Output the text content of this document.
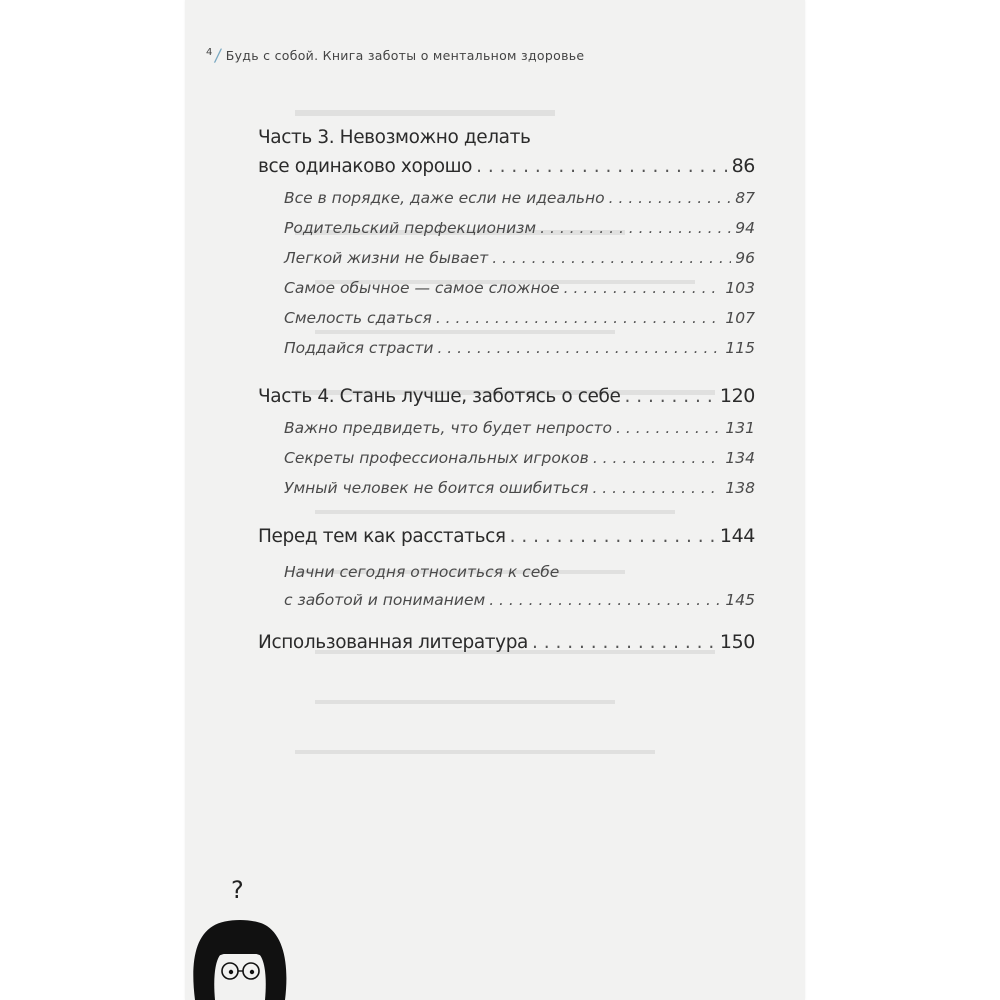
$^4$/ Будь с собой. Книга заботы о ментальном здоровье
Часть 3. Невозможно делать
все одинаково хорошо . . .	86
Все в порядке, даже если не идеально . . .	87
Родительский перфекционизм . . .	94
Легкой жизни не бывает . . .	96
Самое обычное — самое сложное . . .	103
Смелость сдаться . . .	107
Поддайся страсти . . .	115
Часть 4. Стань лучше, заботясь о себе . . .	120
Важно предвидеть, что будет непросто . . .	131
Секреты профессиональных игроков . . .	134
Умный человек не боится ошибиться . . .	138
Перед тем как расстаться . . .	144
Начни сегодня относиться к себе
с заботой и пониманием . . .	145
Использованная литература . . .	150
?
